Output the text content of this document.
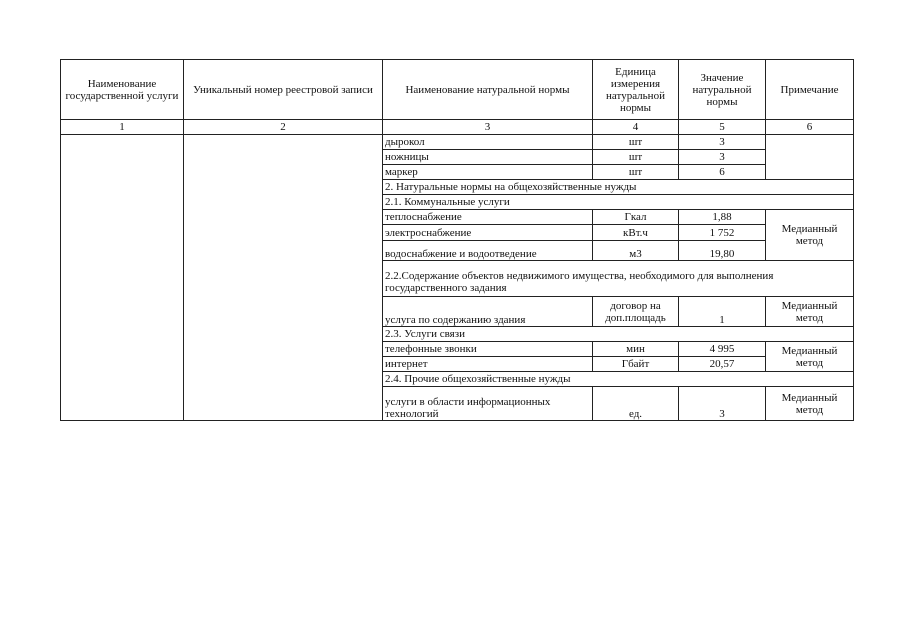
Наименование государственной услуги	Уникальный номер реестровой записи	Наименование натуральной нормы	Единица измерения натуральной нормы	Значение натуральной нормы	Примечание
1	2	3	4	5	6
		дырокол	шт	3	
		ножницы	шт	3	
		маркер	шт	6	
		2. Натуральные нормы на общехозяйственные нужды			
		2.1. Коммунальные услуги			
		теплоснабжение	Гкал	1,88	Медианный метод
		электроснабжение	кВт.ч	1 752	
		водоснабжение и водоотведение	м3	19,80	
		2.2.Содержание объектов недвижимого имущества, необходимого для выполнения государственного задания			
		услуга по содержанию здания	договор на доп.площадь	1	Медианный метод
		2.3. Услуги связи			
		телефонные звонки	мин	4 995	Медианный метод
		интернет	Гбайт	20,57	
		2.4. Прочие общехозяйственные нужды			
		услуги в области информационных технологий	ед.	3	Медианный метод
